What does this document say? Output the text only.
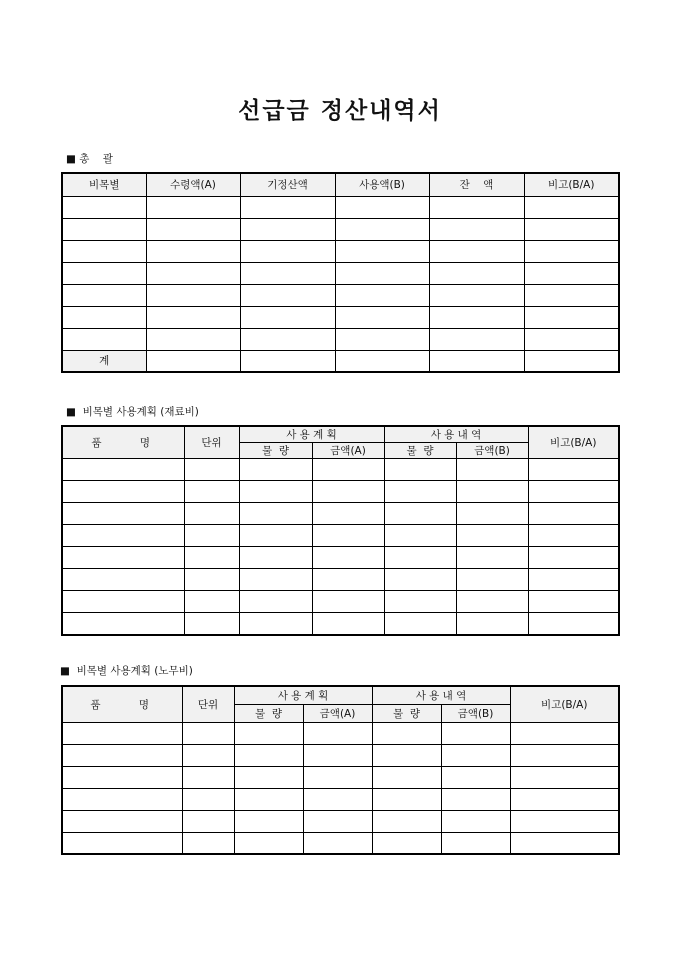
선급금 정산내역서
■ 총    괄
비목별	수령액(A)	기정산액	사용액(B)	잔    액	비고(B/A)

계					
■  비목별 사용계획 (재료비)
품    명	단위	사 용 계 획		사 용 내 역		비고(B/A)
		물  량	금액(A)	물  량	금액(B)	

■  비목별 사용계획 (노무비)
품    명	단위	사 용 계 획		사 용 내 역		비고(B/A)
		물  량	금액(A)	물  량	금액(B)	
